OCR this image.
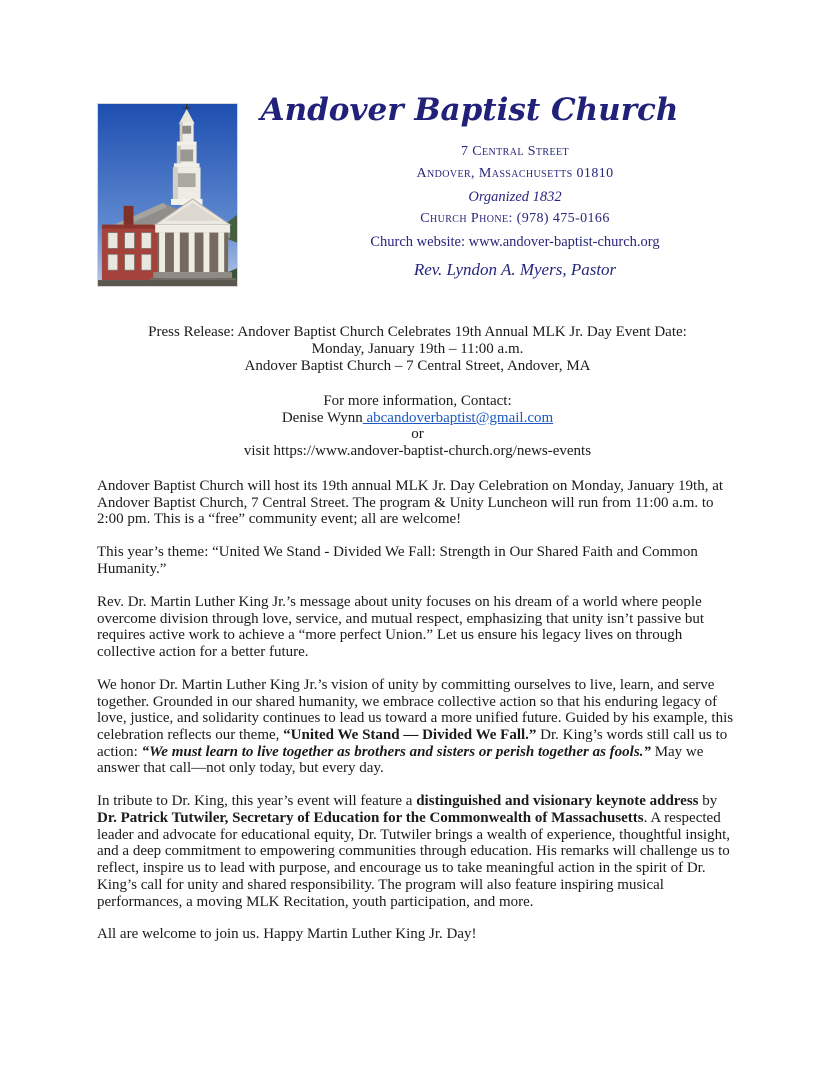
Andover Baptist Church
7 Central Street
Andover, Massachusetts 01810
Organized 1832
Church Phone: (978) 475-0166
Church website: www.andover-baptist-church.org
Rev. Lyndon A. Myers, Pastor
Press Release: Andover Baptist Church Celebrates 19th Annual MLK Jr. Day Event Date:
Monday, January 19th – 11:00 a.m.
Andover Baptist Church – 7 Central Street, Andover, MA
For more information, Contact:
Denise Wynn abcandoverbaptist@gmail.com
or
visit https://www.andover-baptist-church.org/news-events

Andover Baptist Church will host its 19th annual MLK Jr. Day Celebration on Monday, January 19th, at Andover Baptist Church, 7 Central Street. The program & Unity Luncheon will run from 11:00 a.m. to 2:00 pm. This is a “free” community event; all are welcome!

This year’s theme: “United We Stand - Divided We Fall: Strength in Our Shared Faith and Common Humanity.”

Rev. Dr. Martin Luther King Jr.’s message about unity focuses on his dream of a world where people overcome division through love, service, and mutual respect, emphasizing that unity isn’t passive but requires active work to achieve a “more perfect Union.” Let us ensure his legacy lives on through collective action for a better future.

We honor Dr. Martin Luther King Jr.’s vision of unity by committing ourselves to live, learn, and serve together. Grounded in our shared humanity, we embrace collective action so that his enduring legacy of love, justice, and solidarity continues to lead us toward a more unified future. Guided by his example, this celebration reflects our theme, “United We Stand — Divided We Fall.” Dr. King’s words still call us to action: “We must learn to live together as brothers and sisters or perish together as fools.” May we answer that call—not only today, but every day.

In tribute to Dr. King, this year’s event will feature a distinguished and visionary keynote address by Dr. Patrick Tutwiler, Secretary of Education for the Commonwealth of Massachusetts. A respected leader and advocate for educational equity, Dr. Tutwiler brings a wealth of experience, thoughtful insight, and a deep commitment to empowering communities through education. His remarks will challenge us to reflect, inspire us to lead with purpose, and encourage us to take meaningful action in the spirit of Dr. King’s call for unity and shared responsibility. The program will also feature inspiring musical performances, a moving MLK Recitation, youth participation, and more.

All are welcome to join us. Happy Martin Luther King Jr. Day!
